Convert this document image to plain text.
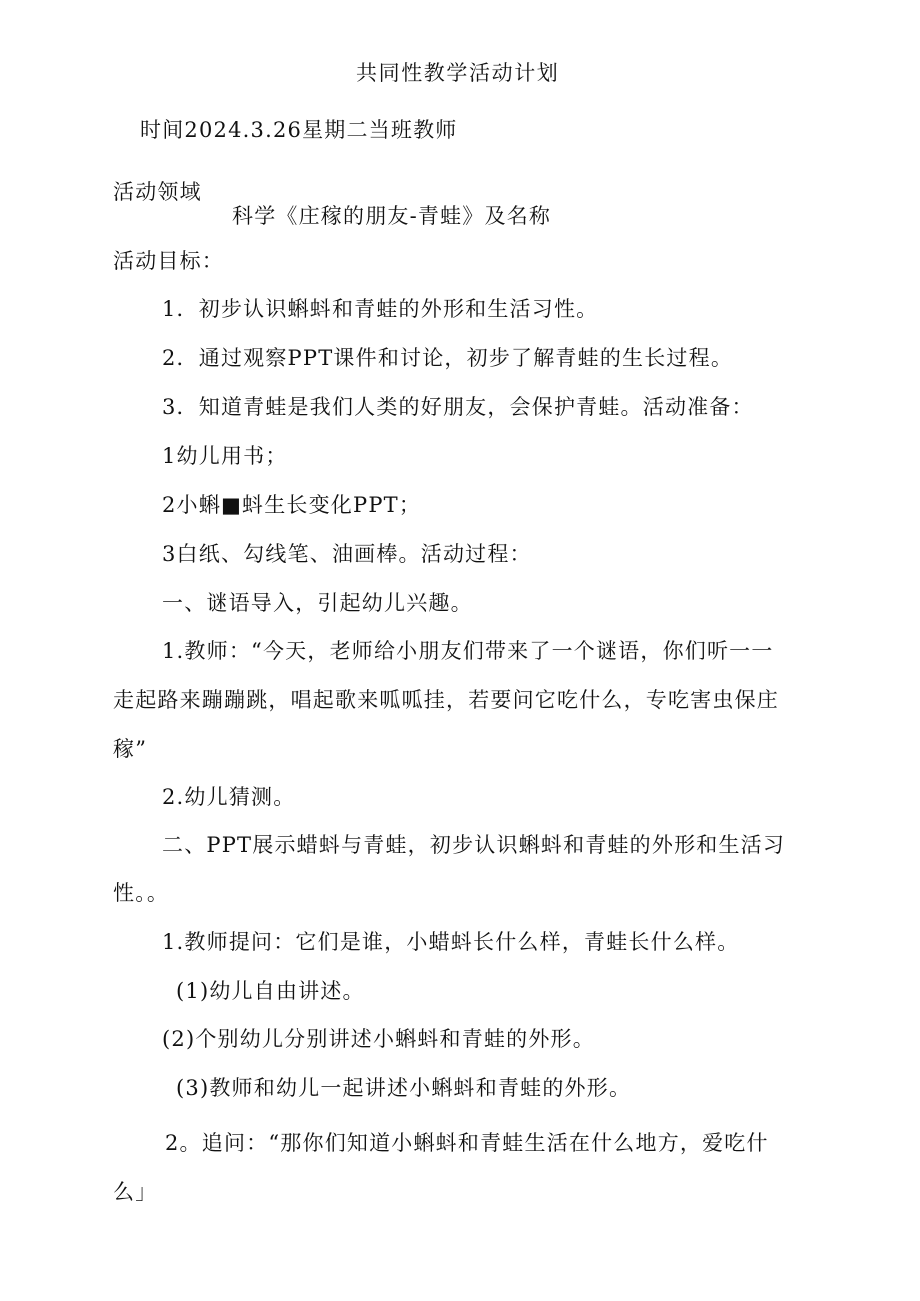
共同性教学活动计划
时间2024.3.26星期二当班教师
活动领域
科学《庄稼的朋友-青蛙》及名称
活动目标：
1．初步认识蝌蚪和青蛙的外形和生活习性。
2．通过观察PPT课件和讨论，初步了解青蛙的生长过程。
3．知道青蛙是我们人类的好朋友，会保护青蛙。活动准备：
1幼儿用书；
2小蝌■蚪生长变化PPT；
3白纸、勾线笔、油画棒。活动过程：
一、谜语导入，引起幼儿兴趣。
1.教师：“今天，老师给小朋友们带来了一个谜语，你们听一一
走起路来蹦蹦跳，唱起歌来呱呱挂，若要问它吃什么，专吃害虫保庄
稼”
2.幼儿猜测。
二、PPT展示蜡蚪与青蛙，初步认识蝌蚪和青蛙的外形和生活习
性。。
1.教师提问：它们是谁，小蜡蚪长什么样，青蛙长什么样。
(1)幼儿自由讲述。
(2)个别幼儿分别讲述小蝌蚪和青蛙的外形。
(3)教师和幼儿一起讲述小蝌蚪和青蛙的外形。
2。追问：“那你们知道小蝌蚪和青蛙生活在什么地方，爱吃什
么」
